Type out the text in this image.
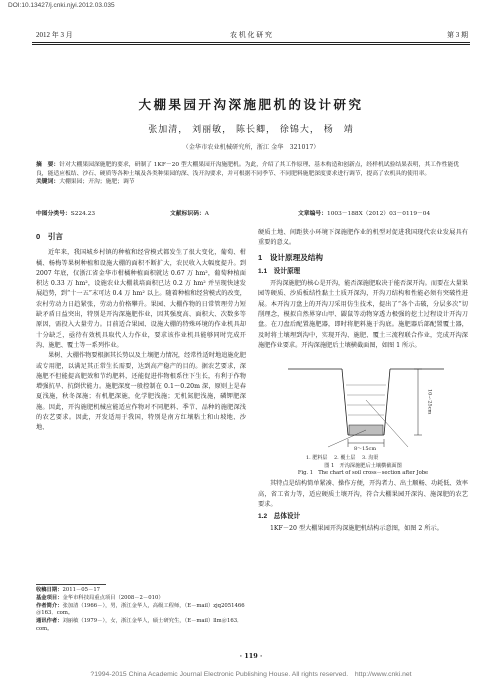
DOI:10.13427/j.cnki.njyi.2012.03.035
2012 年 3 月	农 机 化 研 究	第 3 期
大棚果园开沟深施肥机的设计研究
张加清， 刘丽敏， 陈长卿， 徐锦大， 杨　靖
（金华市农业机械研究所，浙江 金华　321017）
摘　要：针对大棚果园深施肥的要求，研制了 1KF－20 型大棚果园开沟施肥机。为此，介绍了其工作原理、基本构造和创新点，经样机试验结果表明，其工作性能优良，能适应板结、沙石、硬质等各种土壤及各类种果园的深、浅开沟要求，并可根据不同季节、不同肥料施肥深度要求进行调节，提高了农机具的使用率。
关键词：大棚果园；开沟；施肥；调节
中图分类号：S224.23	文献标识码：A	文章编号：1003－188X（2012）03－0119－04
0　引言

近年来，我国城乡村镇的种植和经营模式都发生了很大变化，葡萄、柑橘、杨梅等果树种植和设施大棚的面积不断扩大，农民收入大幅度提升。到 2007 年底，仅浙江省金华市柑橘种植面积就达 0.67 万 hm²，葡萄种植面积达 0.33 万 hm²，设施农业大棚栽培面积已达 0.2 万 hm² 并呈现快速发展趋势，到“十一五”末可达 0.4 万 hm² 以上。随着种植和经营模式的改变，农村劳动力日趋紧张，劳动力价格攀升。果园、大棚作物的日常管理劳力短缺矛盾日益突出，特别是开沟深施肥作业，因其强度高、面积大、次数多等原因，需投入大量劳力。目前适合果园、设施大棚的特殊环境的作业机具却十分缺乏，亟待有效机具取代人力作业，要求该作业机具能够同时完成开沟、施肥、覆土等一系列作业。

果树、大棚作物要根据其长势以及土壤肥力情况，经常性适时地追施化肥或专用肥，以满足其正常生长需要，达到高产稳产的目的。据农艺要求，深施肥不但能提高肥效和节约肥料，还能促进作物根系往下生长，有利于作物增强抗旱、抗倒伏能力。施肥深度一般控制在 0.1～0.20m 深，原则上是春夏浅施，秋冬深施；有机肥深施，化学肥浅施；无机氮肥浅施，磷钾肥深施。因此，开沟施肥机械应能适应作物对不同肥料、季节、品种的施肥深浅的农艺要求。因此，开发适用于我国，特别是南方红壤粘土和山坡地、沙地、

收稿日期：2011－05－17
基金项目：金华市科技局重点项目（2008－2－010）
作者简介：张加清（1966－），男，浙江金华人，高级工程师，（E－mail）zjq2051466＠163．com。
通讯作者：刘丽敏（1979－），女，浙江金华人，硕士研究生，（E－mail）llm＠163．com。

硬质土地、间距狭小环境下深施肥作业的机型对促进我国现代农业发展具有重要的意义。

1　设计原理及结构
1.1　设计原理

开沟深施肥的核心是开沟，能否深施肥取决于能否深开沟。而要在大量果园等硬质、沙质板结性黏土土质开深沟，开沟刀结构和性能必须有突破性进展。本开沟刀盘上的开沟刀采用仿生技术，提出了“各个击破，分层多次”切削理念，模拟自然界穿山甲、鼹鼠等动物穿透力极强的挖土过程设计开沟刀盘。在刀盘后配置施肥器，即时将肥料施于沟底。施肥器后部配置覆土器，及时将土壤埋到沟中，实现开沟、施肥、覆土三流程联合作业，完成开沟深施肥作业要求。开沟深施肥后土壤横截面图，如图 1 所示。

10～25cm
8～15cm
1. 肥料层　 2. 覆土层　 3. 沟渠
图 1　开沟深施肥后土壤横截面图
Fig. 1　The chart of soil cross－section after Jobe

其特点是结构简单紧凑、操作方便，开沟者力、出土顺畅、功耗低、效率高，省工省力等，适应硬质土壤开沟，符合大棚果园开深沟、施深肥的农艺要求。

1.2　总体设计

1KF－20 型大棚果园开沟深施肥机结构示意图，如图 2 所示。

· 119 ·
?1994-2015 China Academic Journal Electronic Publishing House. All rights reserved.　http://www.cnki.net
